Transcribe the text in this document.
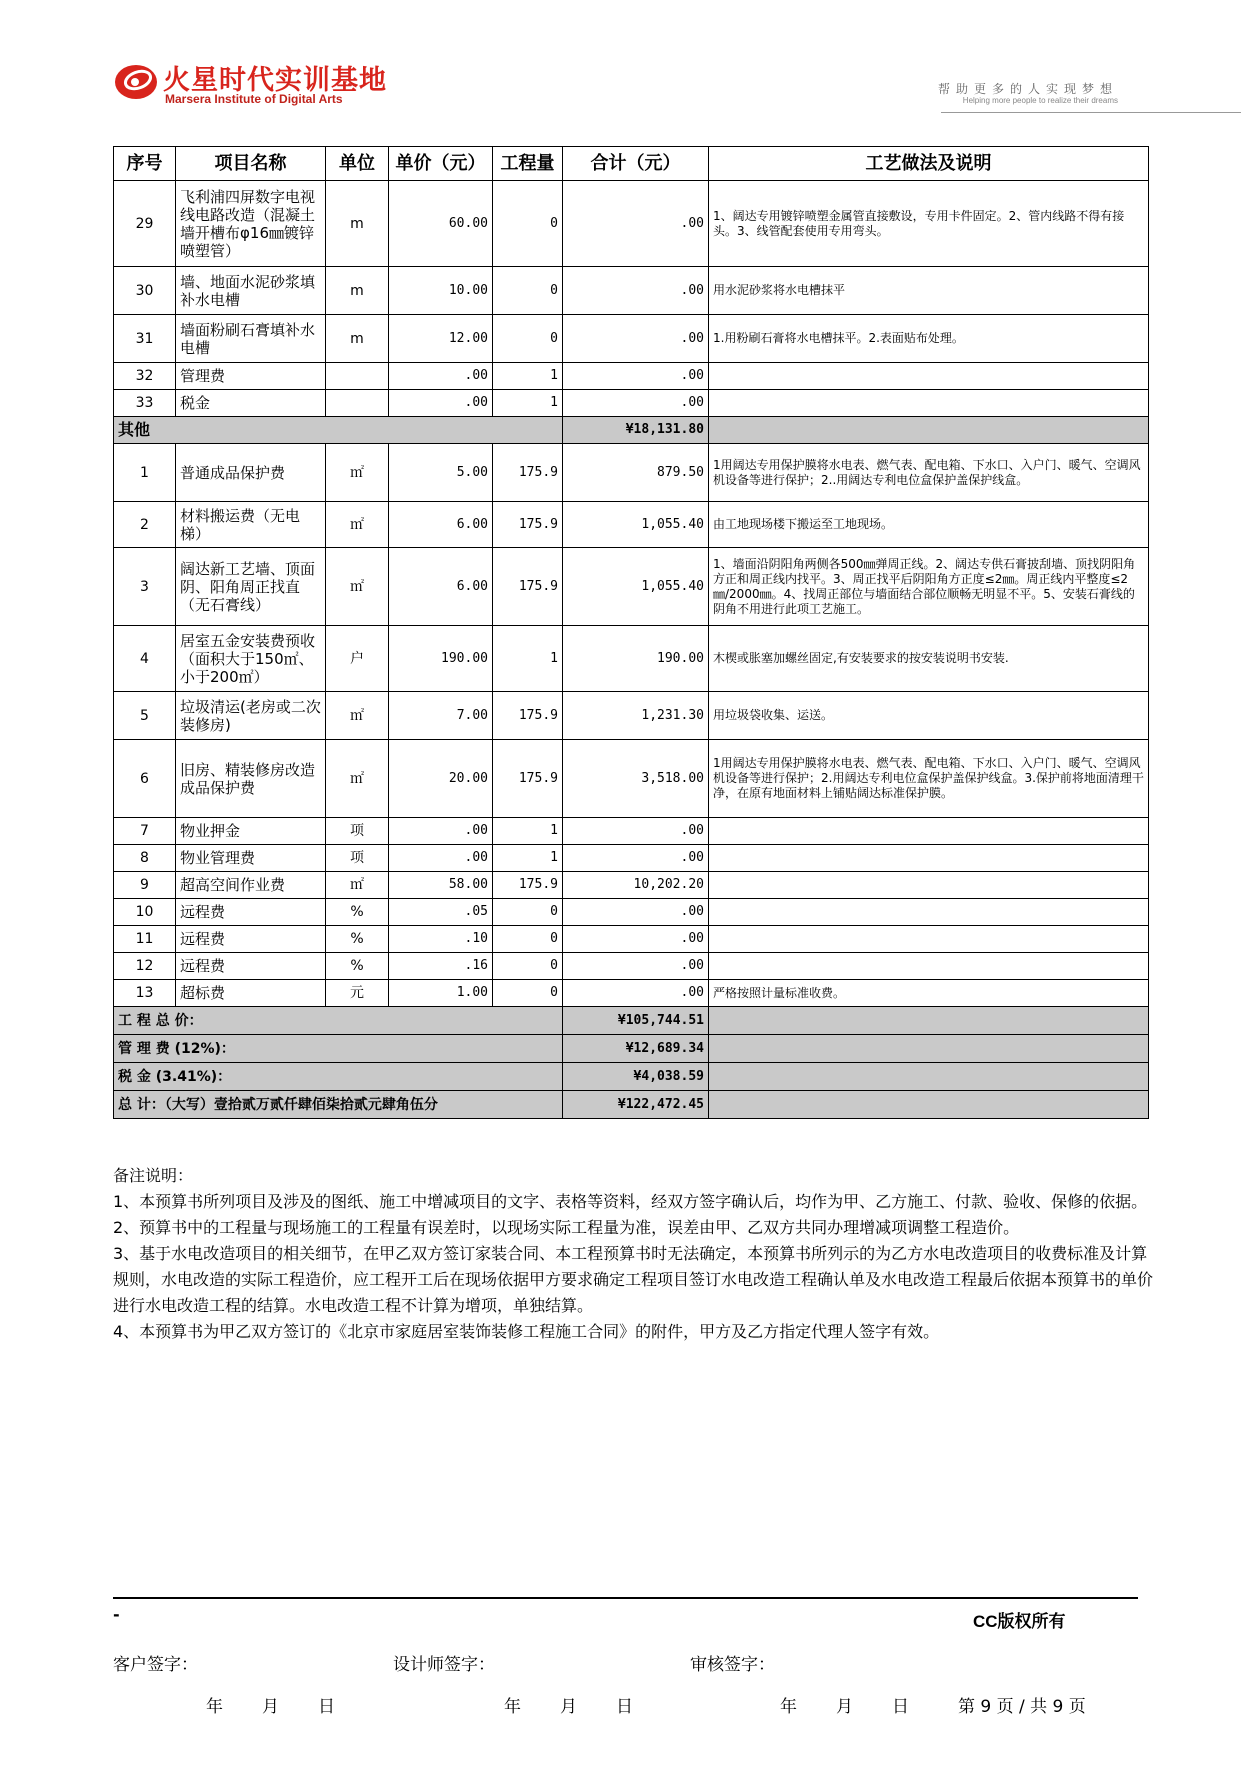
火星时代实训基地
Marsera Institute of Digital Arts
帮助更多的人实现梦想
Helping more people to realize their dreams
序号	项目名称	单位	单价（元）	工程量	合计（元）	工艺做法及说明
29	飞利浦四屏数字电视线电路改造（混凝土墙开槽布φ16㎜镀锌喷塑管）	m	60.00	0	.00	1、阔达专用镀锌喷塑金属管直接敷设，专用卡件固定。2、管内线路不得有接头。3、线管配套使用专用弯头。
30	墙、地面水泥砂浆填补水电槽	m	10.00	0	.00	用水泥砂浆将水电槽抹平
31	墙面粉刷石膏填补水电槽	m	12.00	0	.00	1.用粉刷石膏将水电槽抹平。2.表面贴布处理。
32	管理费		.00	1	.00	
33	税金		.00	1	.00	
其他					¥18,131.80	
1	普通成品保护费	㎡	5.00	175.9	879.50	1用阔达专用保护膜将水电表、燃气表、配电箱、下水口、入户门、暖气、空调风机设备等进行保护；2..用阔达专利电位盒保护盖保护线盒。
2	材料搬运费（无电梯）	㎡	6.00	175.9	1,055.40	由工地现场楼下搬运至工地现场。
3	阔达新工艺墙、顶面阴、阳角周正找直（无石膏线）	㎡	6.00	175.9	1,055.40	1、墙面沿阴阳角两侧各500㎜弹周正线。2、阔达专供石膏披刮墙、顶找阴阳角方正和周正线内找平。3、周正找平后阴阳角方正度≤2㎜。周正线内平整度≤2㎜/2000㎜。4、找周正部位与墙面结合部位顺畅无明显不平。5、安装石膏线的阴角不用进行此项工艺施工。
4	居室五金安装费预收（面积大于150㎡、小于200㎡）	户	190.00	1	190.00	木楔或胀塞加螺丝固定,有安装要求的按安装说明书安装.
5	垃圾清运(老房或二次装修房)	㎡	7.00	175.9	1,231.30	用垃圾袋收集、运送。
6	旧房、精装修房改造成品保护费	㎡	20.00	175.9	3,518.00	1用阔达专用保护膜将水电表、燃气表、配电箱、下水口、入户门、暖气、空调风机设备等进行保护；2.用阔达专利电位盒保护盖保护线盒。3.保护前将地面清理干净，在原有地面材料上铺贴阔达标准保护膜。
7	物业押金	项	.00	1	.00	
8	物业管理费	项	.00	1	.00	
9	超高空间作业费	㎡	58.00	175.9	10,202.20	
10	远程费	%	.05	0	.00	
11	远程费	%	.10	0	.00	
12	远程费	%	.16	0	.00	
13	超标费	元	1.00	0	.00	严格按照计量标准收费。
工 程 总 价：					¥105,744.51	
管 理 费 (12%)：					¥12,689.34	
税 金 (3.41%)：					¥4,038.59	
总 计：（大写）壹拾贰万贰仟肆佰柒拾贰元肆角伍分					¥122,472.45	

备注说明：

1、本预算书所列项目及涉及的图纸、施工中增减项目的文字、表格等资料，经双方签字确认后，均作为甲、乙方施工、付款、验收、保修的依据。

2、预算书中的工程量与现场施工的工程量有误差时，以现场实际工程量为准，误差由甲、乙双方共同办理增减项调整工程造价。

3、基于水电改造项目的相关细节，在甲乙双方签订家装合同、本工程预算书时无法确定，本预算书所列示的为乙方水电改造项目的收费标准及计算规则，水电改造的实际工程造价，应工程开工后在现场依据甲方要求确定工程项目签订水电改造工程确认单及水电改造工程最后依据本预算书的单价进行水电改造工程的结算。水电改造工程不计算为增项，单独结算。

4、本预算书为甲乙双方签订的《北京市家庭居室装饰装修工程施工合同》的附件，甲方及乙方指定代理人签字有效。

-	CC版权所有
客户签字：	设计师签字：	审核签字：
年 月 日	年 月 日	年 月 日	第 9 页 / 共 9 页
